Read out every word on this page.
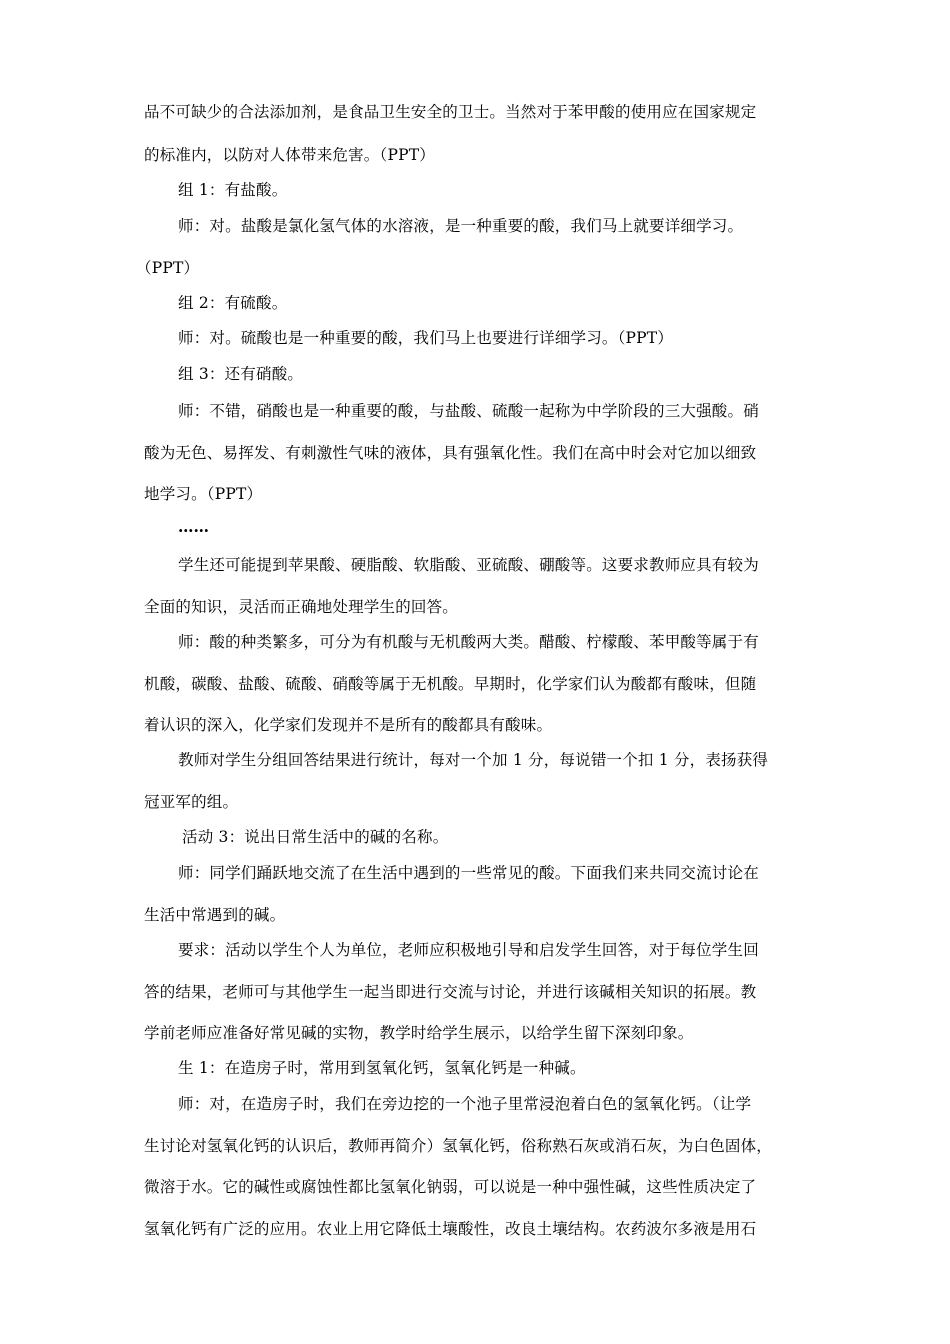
品不可缺少的合法添加剂，是食品卫生安全的卫士。当然对于苯甲酸的使用应在国家规定
的标准内，以防对人体带来危害。（PPT）
组 1：有盐酸。
师：对。盐酸是氯化氢气体的水溶液，是一种重要的酸，我们马上就要详细学习。
（PPT）
组 2：有硫酸。
师：对。硫酸也是一种重要的酸，我们马上也要进行详细学习。（PPT）
组 3：还有硝酸。
师：不错，硝酸也是一种重要的酸，与盐酸、硫酸一起称为中学阶段的三大强酸。硝
酸为无色、易挥发、有刺激性气味的液体，具有强氧化性。我们在高中时会对它加以细致
地学习。（PPT）
……
学生还可能提到苹果酸、硬脂酸、软脂酸、亚硫酸、硼酸等。这要求教师应具有较为
全面的知识，灵活而正确地处理学生的回答。
师：酸的种类繁多，可分为有机酸与无机酸两大类。醋酸、柠檬酸、苯甲酸等属于有
机酸，碳酸、盐酸、硫酸、硝酸等属于无机酸。早期时，化学家们认为酸都有酸味，但随
着认识的深入，化学家们发现并不是所有的酸都具有酸味。
教师对学生分组回答结果进行统计，每对一个加 1 分，每说错一个扣 1 分，表扬获得
冠亚军的组。
活动 3：说出日常生活中的碱的名称。
师：同学们踊跃地交流了在生活中遇到的一些常见的酸。下面我们来共同交流讨论在
生活中常遇到的碱。
要求：活动以学生个人为单位，老师应积极地引导和启发学生回答，对于每位学生回
答的结果，老师可与其他学生一起当即进行交流与讨论，并进行该碱相关知识的拓展。教
学前老师应准备好常见碱的实物，教学时给学生展示，以给学生留下深刻印象。
生 1：在造房子时，常用到氢氧化钙，氢氧化钙是一种碱。
师：对，在造房子时，我们在旁边挖的一个池子里常浸泡着白色的氢氧化钙。（让学
生讨论对氢氧化钙的认识后，教师再简介）氢氧化钙，俗称熟石灰或消石灰，为白色固体，
微溶于水。它的碱性或腐蚀性都比氢氧化钠弱，可以说是一种中强性碱，这些性质决定了
氢氧化钙有广泛的应用。农业上用它降低土壤酸性，改良土壤结构。农药波尔多液是用石
